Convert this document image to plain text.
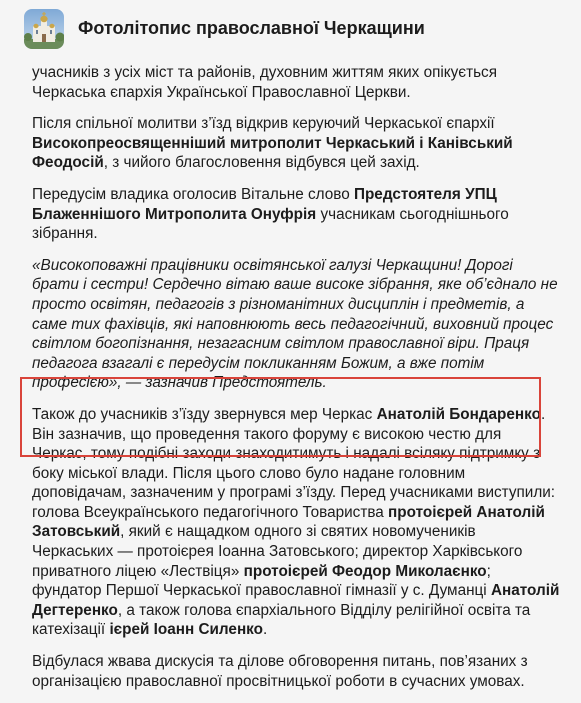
Фотолітопис православної Черкащини

учасників з усіх міст та районів, духовним життям яких опікується Черкаська єпархія Української Православної Церкви.

Після спільної молитви з’їзд відкрив керуючий Черкаської єпархії Високопреосвященніший митрополит Черкаський і Канівський Феодосій, з чийого благословення відбувся цей захід.

Передусім владика оголосив Вітальне слово Предстоятеля УПЦ Блаженнішого Митрополита Онуфрія учасникам сьогоднішнього зібрання.

«Високоповажні працівники освітянської галузі Черкащини! Дорогі брати і сестри! Сердечно вітаю ваше високе зібрання, яке об’єднало не просто освітян, педагогів з різноманітних дисциплін і предметів, а саме тих фахівців, які наповнюють весь педагогічний, виховний процес світлом богопізнання, незагасним світлом православної віри. Праця педагога взагалі є передусім покликанням Божим, а вже потім професією», — зазначив Предстоятель.

Також до учасників з’їзду звернувся мер Черкас Анатолій Бондаренко. Він зазначив, що проведення такого форуму є високою честю для Черкас, тому подібні заходи знаходитимуть і надалі всіляку підтримку з боку міської влади. Після цього слово було надане головним доповідачам, зазначеним у програмі з’їзду. Перед учасниками виступили: голова Всеукраїнського педагогічного Товариства протоієрей Анатолій Затовський, який є нащадком одного зі святих новомучеників Черкаських — протоієрея Іоанна Затовського; директор Харківського приватного ліцею «Лествіця» протоієрей Феодор Миколаєнко; фундатор Першої Черкаської православної гімназії у с. Думанці Анатолій Дегтеренко, а також голова єпархіального Відділу релігійної освіта та катехізації ієрей Іоанн Силенко.

Відбулася жвава дискусія та ділове обговорення питань, пов’язаних з організацією православної просвітницької роботи в сучасних умовах.
